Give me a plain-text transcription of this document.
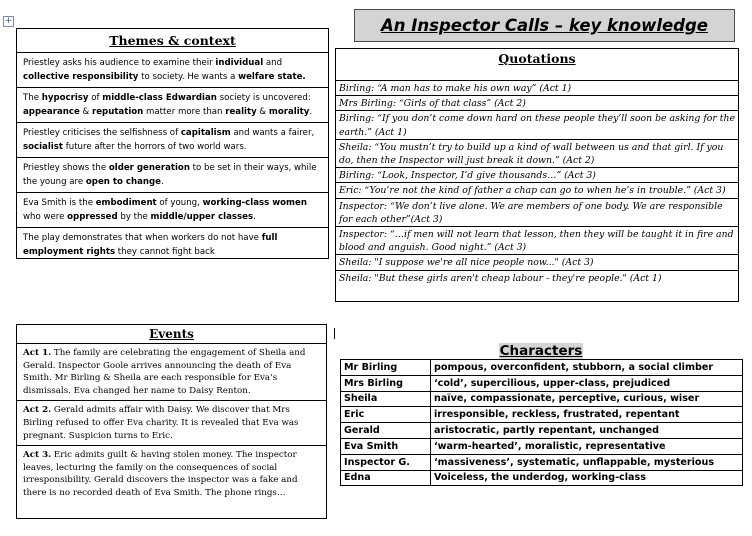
+	An Inspector Calls – key knowledge
Themes & context
Priestley asks his audience to examine their individual and collective responsibility to society. He wants a welfare state.
The hypocrisy of middle-class Edwardian society is uncovered: appearance & reputation matter more than reality & morality.
Priestley criticises the selfishness of capitalism and wants a fairer, socialist future after the horrors of two world wars.
Priestley shows the older generation to be set in their ways, while the young are open to change.
Eva Smith is the embodiment of young, working-class women who were oppressed by the middle/upper classes.
The play demonstrates that when workers do not have full employment rights they cannot fight back
Quotations
Birling: “A man has to make his own way” (Act 1)
Mrs Birling: “Girls of that class” (Act 2)
Birling: “If you don’t come down hard on these people they’ll soon be asking for the earth.” (Act 1)
Sheila: “You mustn’t try to build up a kind of wall between us and that girl. If you do, then the Inspector will just break it down.” (Act 2)
Birling: “Look, Inspector, I’d give thousands…” (Act 3)
Eric: “You’re not the kind of father a chap can go to when he’s in trouble.” (Act 3)
Inspector: “We don’t live alone. We are members of one body. We are responsible for each other”(Act 3)
Inspector: “…if men will not learn that lesson, then they will be taught it in fire and blood and anguish. Good night.” (Act 3)
Sheila: "I suppose we're all nice people now..." (Act 3)
Sheila: "But these girls aren't cheap labour - they're people." (Act 1)
Events
Act 1. The family are celebrating the engagement of Sheila and Gerald. Inspector Goole arrives announcing the death of Eva Smith. Mr Birling & Sheila are each responsible for Eva’s dismissals. Eva changed her name to Daisy Renton.
Act 2. Gerald admits affair with Daisy. We discover that Mrs Birling refused to offer Eva charity. It is revealed that Eva was pregnant. Suspicion turns to Eric.
Act 3. Eric admits guilt & having stolen money. The inspector leaves, lecturing the family on the consequences of social irresponsibility. Gerald discovers the inspector was a fake and there is no recorded death of Eva Smith. The phone rings…
Characters
Mr Birling	pompous, overconfident, stubborn, a social climber
Mrs Birling	‘cold’, supercilious, upper-class, prejudiced
Sheila	naïve, compassionate, perceptive, curious, wiser
Eric	irresponsible, reckless, frustrated, repentant
Gerald	aristocratic, partly repentant, unchanged
Eva Smith	‘warm-hearted’, moralistic, representative
Inspector G.	‘massiveness’, systematic, unflappable, mysterious
Edna	Voiceless, the underdog, working-class
